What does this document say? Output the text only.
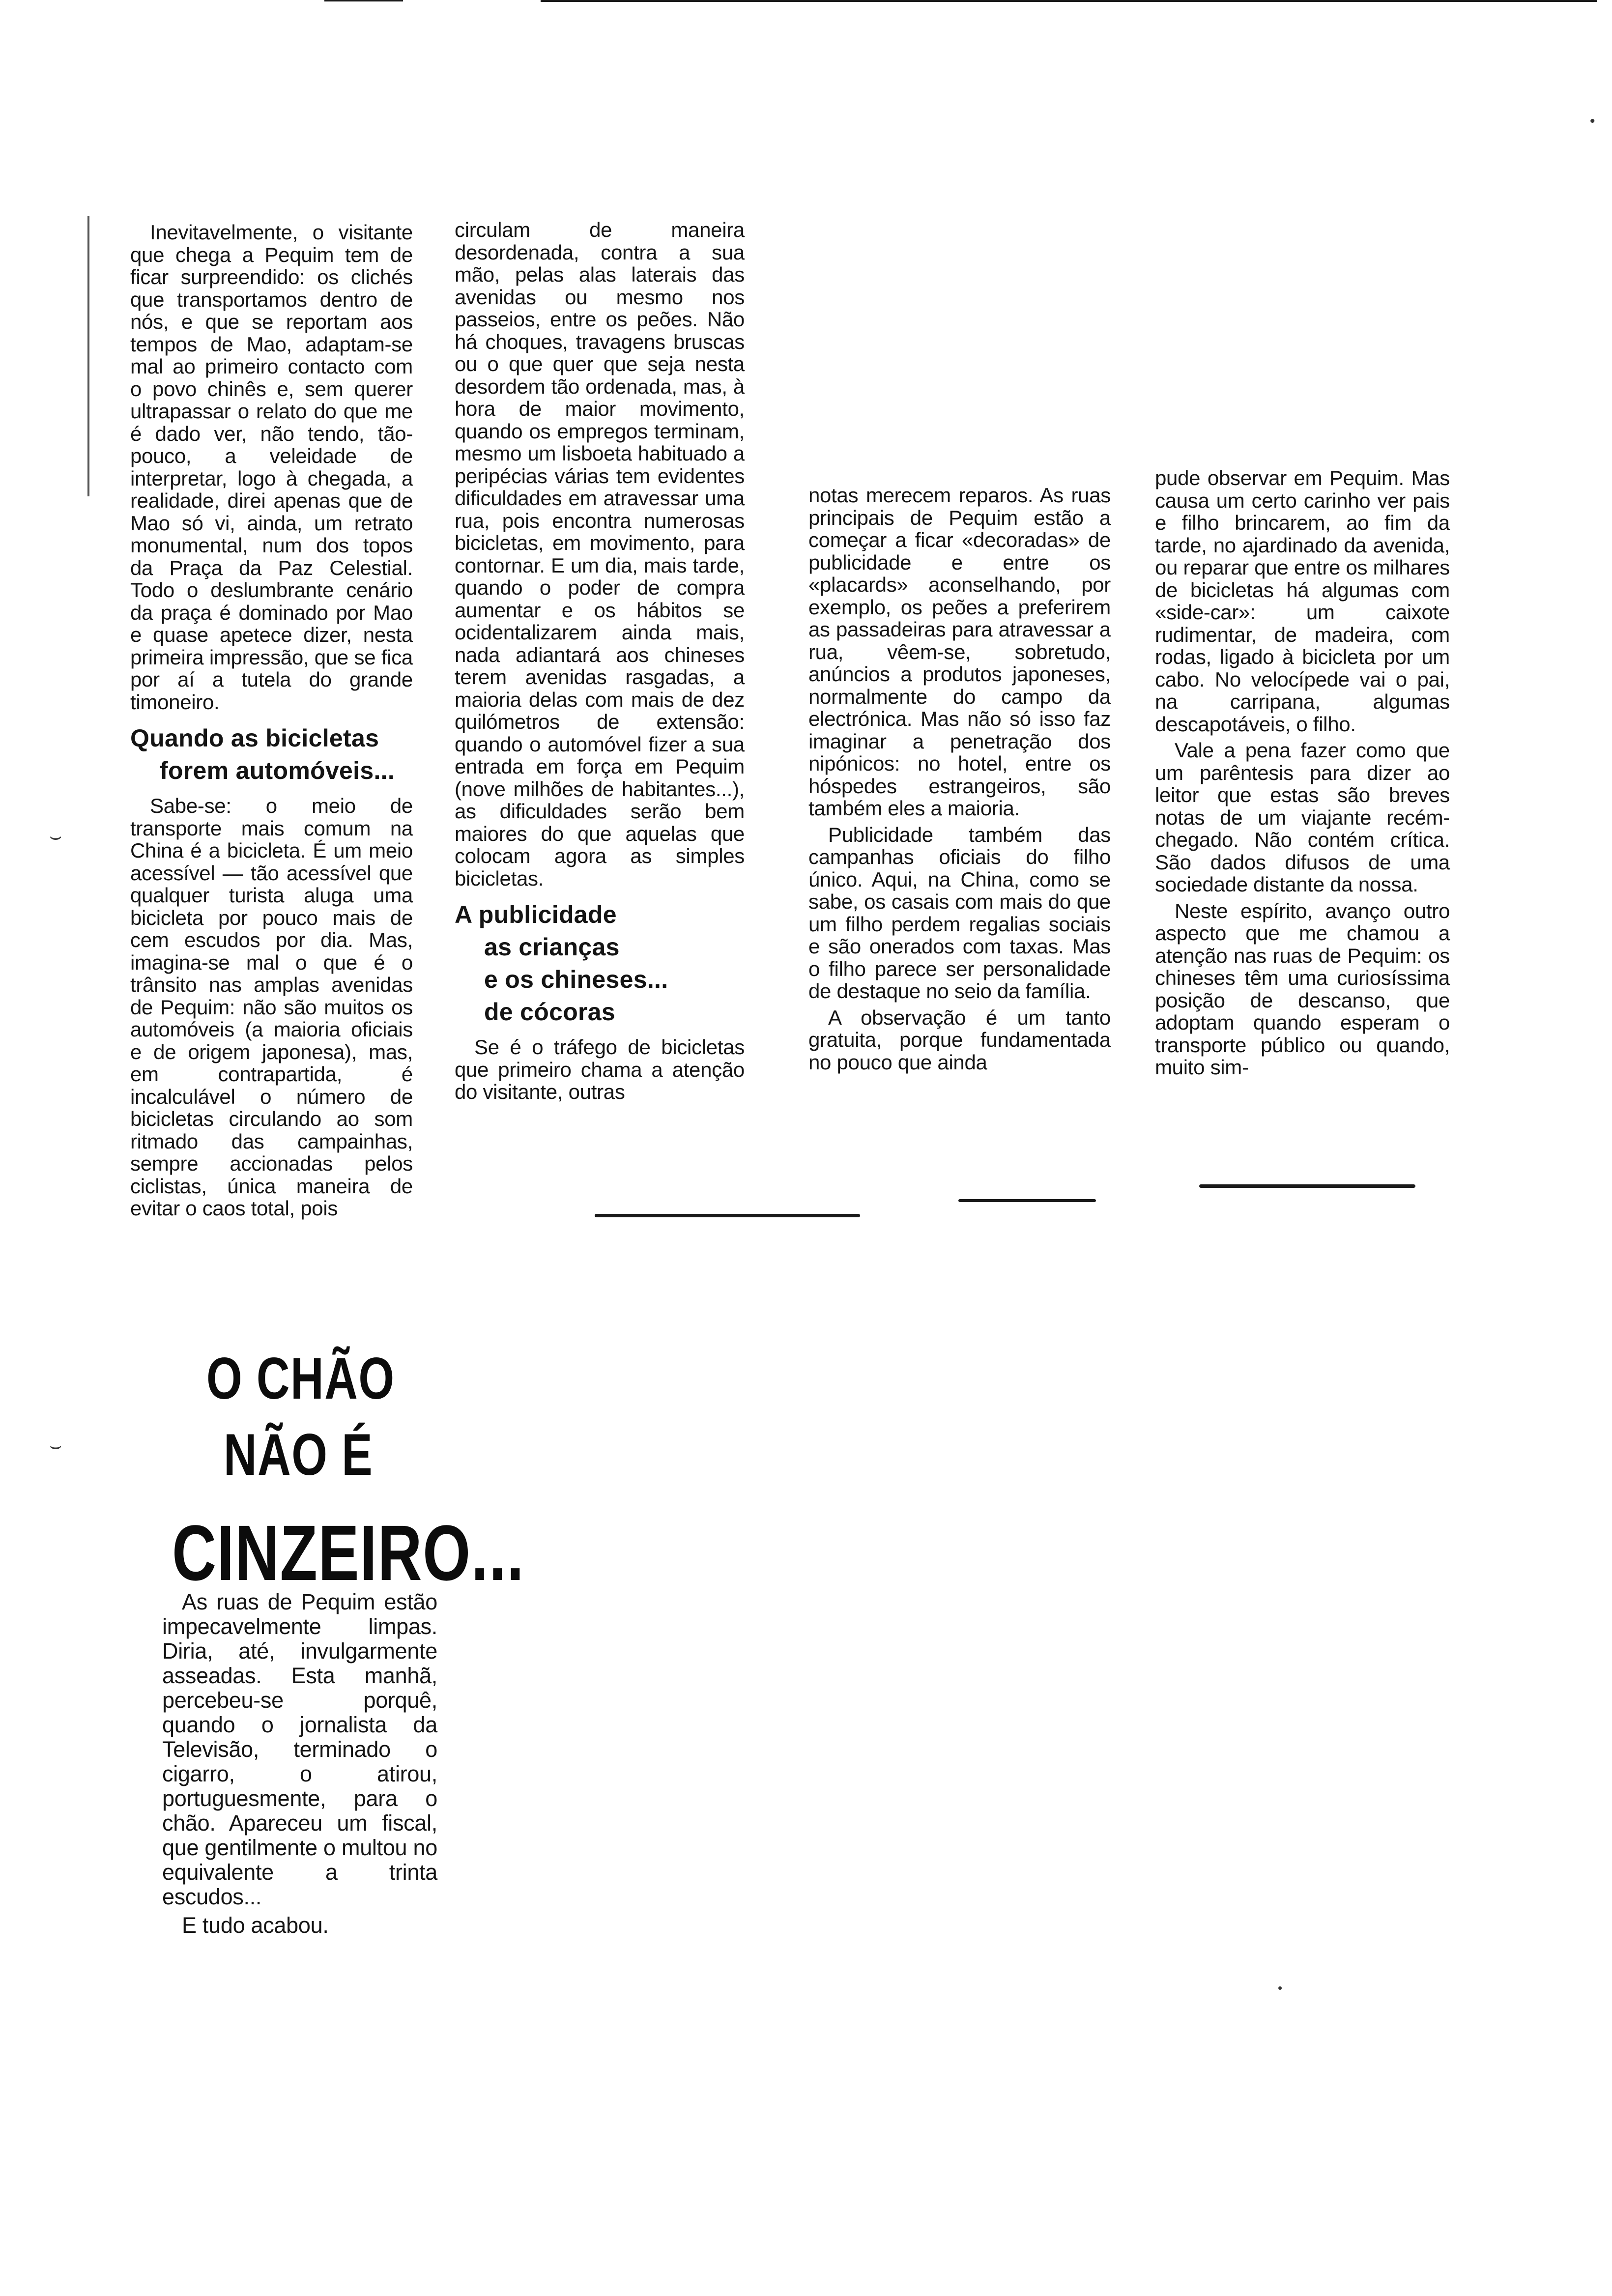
⌣
⌣
•
•

Inevitavelmente, o visitante que chega a Pequim tem de ficar surpreendido: os clichés que transportamos dentro de nós, e que se reportam aos tempos de Mao, adaptam-se mal ao primeiro contacto com o povo chinês e, sem querer ultrapassar o relato do que me é dado ver, não tendo, tão-pouco, a veleidade de interpretar, logo à chegada, a realidade, direi apenas que de Mao só vi, ainda, um retrato monumental, num dos topos da Praça da Paz Celestial. Todo o deslumbrante cenário da praça é dominado por Mao e quase apetece dizer, nesta primeira impressão, que se fica por aí a tutela do grande timoneiro.

Quando as bicicletas
forem automóveis...

Sabe-se: o meio de transporte mais comum na China é a bicicleta. É um meio acessível — tão acessível que qualquer turista aluga uma bicicleta por pouco mais de cem escudos por dia. Mas, imagina-se mal o que é o trânsito nas amplas avenidas de Pequim: não são muitos os automóveis (a maioria oficiais e de origem japonesa), mas, em contrapartida, é incalculável o número de bicicletas circulando ao som ritmado das campainhas, sempre accionadas pelos ciclistas, única maneira de evitar o caos total, pois

circulam de maneira desordenada, contra a sua mão, pelas alas laterais das avenidas ou mesmo nos passeios, entre os peões. Não há choques, travagens bruscas ou o que quer que seja nesta desordem tão ordenada, mas, à hora de maior movimento, quando os empregos terminam, mesmo um lisboeta habituado a peripécias várias tem evidentes dificuldades em atravessar uma rua, pois encontra numerosas bicicletas, em movimento, para contornar. E um dia, mais tarde, quando o poder de compra aumentar e os hábitos se ocidentalizarem ainda mais, nada adiantará aos chineses terem avenidas rasgadas, a maioria delas com mais de dez quilómetros de extensão: quando o automóvel fizer a sua entrada em força em Pequim (nove milhões de habitantes...), as dificuldades serão bem maiores do que aquelas que colocam agora as simples bicicletas.

A publicidade
as crianças
e os chineses...
de cócoras

Se é o tráfego de bicicletas que primeiro chama a atenção do visitante, outras

notas merecem reparos. As ruas principais de Pequim estão a começar a ficar «decoradas» de publicidade e entre os «placards» aconselhando, por exemplo, os peões a preferirem as passadeiras para atravessar a rua, vêem-se, sobretudo, anúncios a produtos japoneses, normalmente do campo da electrónica. Mas não só isso faz imaginar a penetração dos nipónicos: no hotel, entre os hóspedes estrangeiros, são também eles a maioria.

Publicidade também das campanhas oficiais do filho único. Aqui, na China, como se sabe, os casais com mais do que um filho perdem regalias sociais e são onerados com taxas. Mas o filho parece ser personalidade de destaque no seio da família.

A observação é um tanto gratuita, porque fundamentada no pouco que ainda

pude observar em Pequim. Mas causa um certo carinho ver pais e filho brincarem, ao fim da tarde, no ajardinado da avenida, ou reparar que entre os milhares de bicicletas há algumas com «side-car»: um caixote rudimentar, de madeira, com rodas, ligado à bicicleta por um cabo. No velocípede vai o pai, na carripana, algumas descapotáveis, o filho.

Vale a pena fazer como que um parêntesis para dizer ao leitor que estas são breves notas de um viajante recém-chegado. Não contém crítica. São dados difusos de uma sociedade distante da nossa.

Neste espírito, avanço outro aspecto que me chamou a atenção nas ruas de Pequim: os chineses têm uma curiosíssima posição de descanso, que adoptam quando esperam o transporte público ou quando, muito sim-

O CHÃO
NÃO É
CINZEIRO...

As ruas de Pequim estão impecavelmente limpas. Diria, até, invulgarmente asseadas. Esta manhã, percebeu-se porquê, quando o jornalista da Televisão, terminado o cigarro, o atirou, portuguesmente, para o chão. Apareceu um fiscal, que gentilmente o multou no equivalente a trinta escudos...

E tudo acabou.
